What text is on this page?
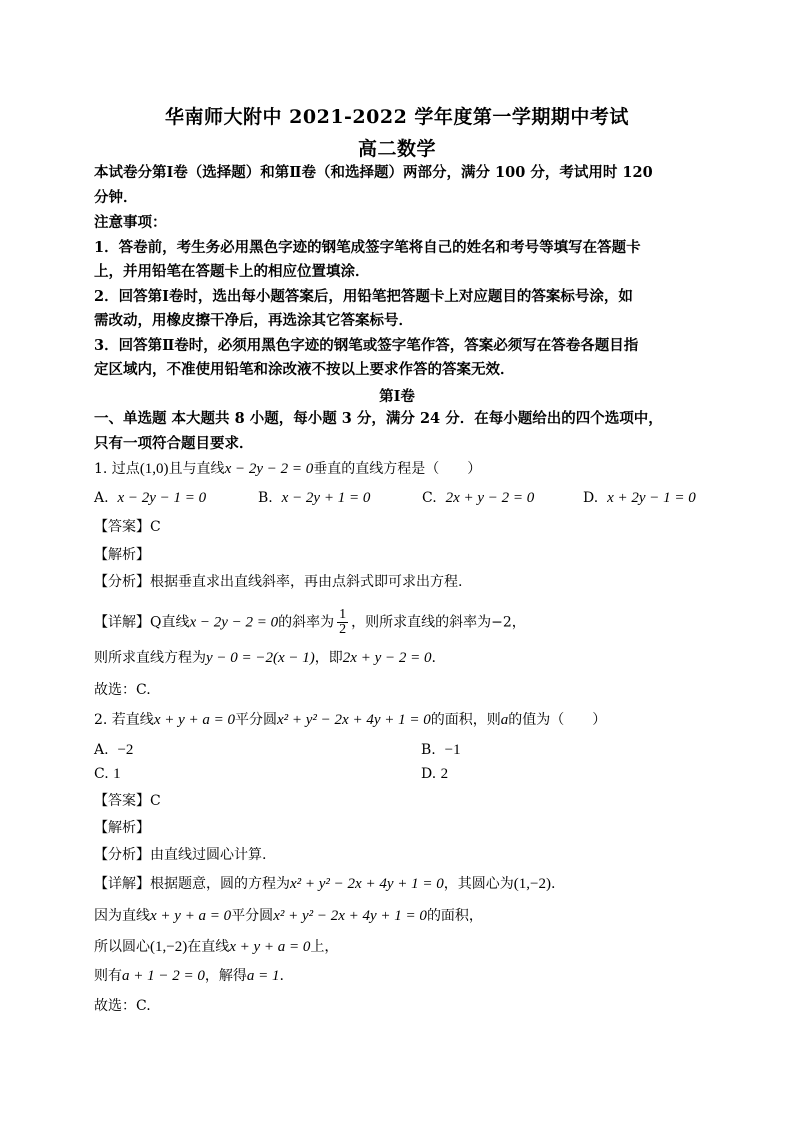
华南师大附中 2021-2022 学年度第一学期期中考试
高二数学
本试卷分第Ⅰ卷（选择题）和第Ⅱ卷（和选择题）两部分，满分 100 分，考试用时 120
分钟．
注意事项：
1．答卷前，考生务必用黑色字迹的钢笔成签字笔将自己的姓名和考号等填写在答题卡
上，并用铅笔在答题卡上的相应位置填涂．
2．回答第Ⅰ卷时，选出每小题答案后，用铅笔把答题卡上对应题目的答案标号涂，如
需改动，用橡皮擦干净后，再选涂其它答案标号．
3．回答第Ⅱ卷时，必须用黑色字迹的钢笔或签字笔作答，答案必须写在答卷各题目指
定区域内，不准使用铅笔和涂改液不按以上要求作答的答案无效．
第Ⅰ卷
一、单选题 本大题共 8 小题，每小题 3 分，满分 24 分．在每小题给出的四个选项中，
只有一项符合题目要求．
1. 过点(1,0)且与直线x − 2y − 2 = 0垂直的直线方程是（　　）
A. x − 2y − 1 = 0	B. x − 2y + 1 = 0	C. 2x + y − 2 = 0	D. x + 2y − 1 = 0
【答案】C
【解析】
【分析】根据垂直求出直线斜率，再由点斜式即可求出方程.
【详解】Q直线x − 2y − 2 = 0的斜率为 $\frac{1}{2}$ ，则所求直线的斜率为−2，
则所求直线方程为y − 0 = −2(x − 1)，即2x + y − 2 = 0.
故选：C.
2. 若直线x + y + a = 0平分圆x² + y² − 2x + 4y + 1 = 0的面积，则a的值为（　　）
A. −2	B. −1
C. 1	D. 2
【答案】C
【解析】
【分析】由直线过圆心计算.
【详解】根据题意，圆的方程为x² + y² − 2x + 4y + 1 = 0，其圆心为(1,−2).
因为直线x + y + a = 0平分圆x² + y² − 2x + 4y + 1 = 0的面积，
所以圆心(1,−2)在直线x + y + a = 0上，
则有a + 1 − 2 = 0，解得a = 1.
故选：C.
